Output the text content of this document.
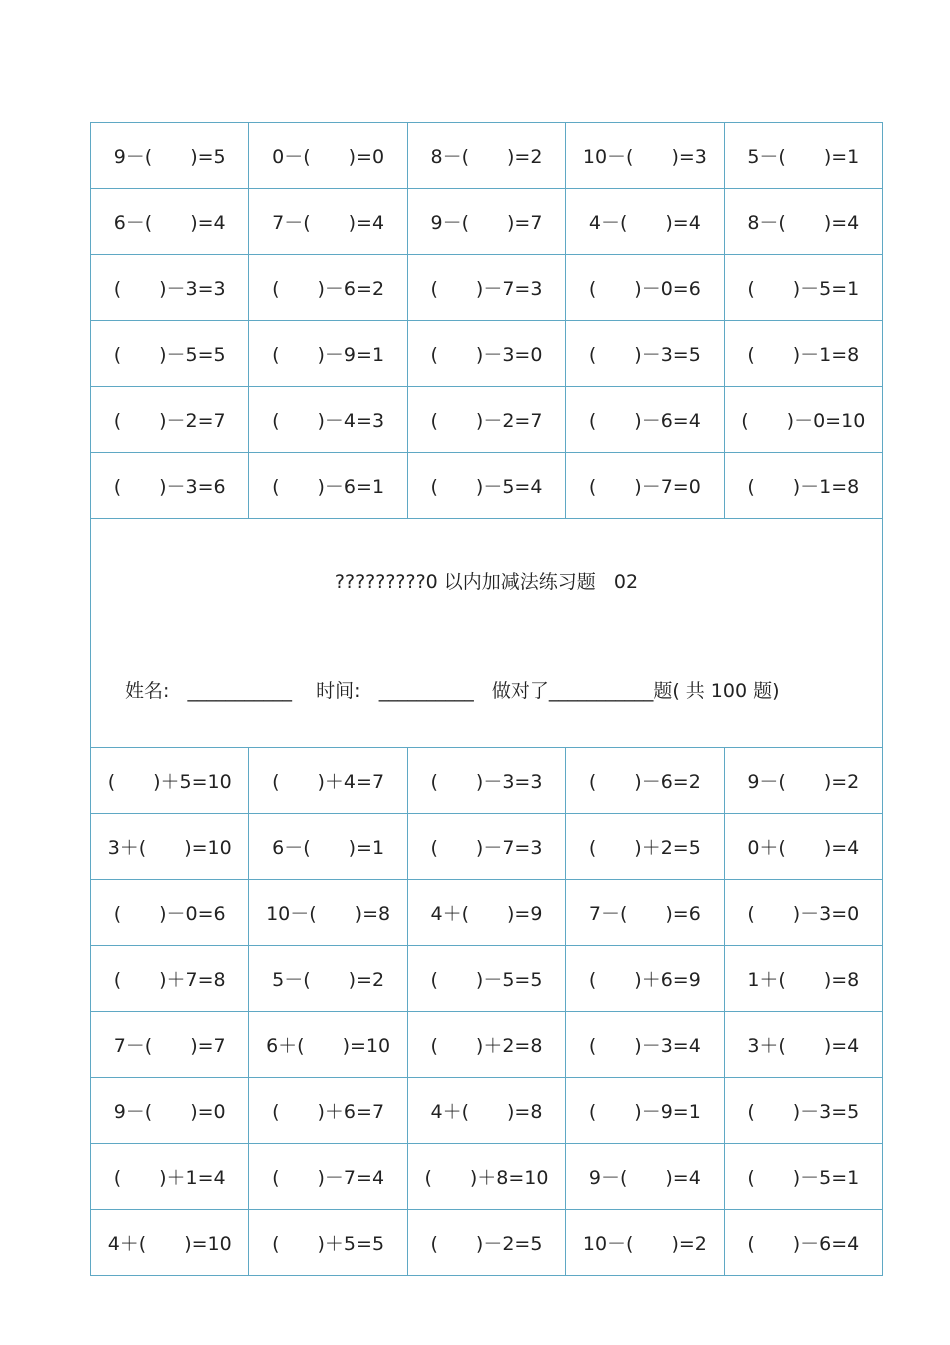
9－(　　)=5	0－(　　)=0	8－(　　)=2	10－(　　)=3	5－(　　)=1
6－(　　)=4	7－(　　)=4	9－(　　)=7	4－(　　)=4	8－(　　)=4
(　　)－3=3	(　　)－6=2	(　　)－7=3	(　　)－0=6	(　　)－5=1
(　　)－5=5	(　　)－9=1	(　　)－3=0	(　　)－3=5	(　　)－1=8
(　　)－2=7	(　　)－4=3	(　　)－2=7	(　　)－6=4	(　　)－0=10
(　　)－3=6	(　　)－6=1	(　　)－5=4	(　　)－7=0	(　　)－1=8

?????????0 以内加减法练习题   02

姓名:   ___________    时间:   __________   做对了___________题( 共 100 题)				

(　　)＋5=10	(　　)＋4=7	(　　)－3=3	(　　)－6=2	9－(　　)=2
3＋(　　)=10	6－(　　)=1	(　　)－7=3	(　　)＋2=5	0＋(　　)=4
(　　)－0=6	10－(　　)=8	4＋(　　)=9	7－(　　)=6	(　　)－3=0
(　　)＋7=8	5－(　　)=2	(　　)－5=5	(　　)＋6=9	1＋(　　)=8
7－(　　)=7	6＋(　　)=10	(　　)＋2=8	(　　)－3=4	3＋(　　)=4
9－(　　)=0	(　　)＋6=7	4＋(　　)=8	(　　)－9=1	(　　)－3=5
(　　)＋1=4	(　　)－7=4	(　　)＋8=10	9－(　　)=4	(　　)－5=1
4＋(　　)=10	(　　)＋5=5	(　　)－2=5	10－(　　)=2	(　　)－6=4
